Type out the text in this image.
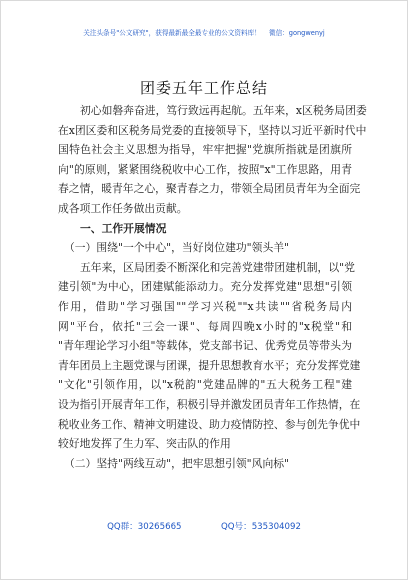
关注头条号"公文研究"，获得最新最全最专业的公文资料库！ 微信：gongwenyj
团委五年工作总结
初心如磐奔奋进，笃行致远再起航。五年来，x区税务局团委
在x团区委和区税务局党委的直接领导下，坚持以习近平新时代中
国特色社会主义思想为指导，牢牢把握"党旗所指就是团旗所
向"的原则，紧紧围绕税收中心工作，按照"x"工作思路，用青
春之情，暖青年之心，聚青春之力，带领全局团员青年为全面完
成各项工作任务做出贡献。
一、工作开展情况
（一）围绕"一个中心"，当好岗位建功"领头羊"
五年来，区局团委不断深化和完善党建带团建机制，以"党
建引领"为中心，团建赋能添动力。充分发挥党建"思想"引领
作用，借助"学习强国""学习兴税""x共读""省税务局内
网"平台，依托"三会一课"、每周四晚x小时的"x税堂"和
"青年理论学习小组"等载体，党支部书记、优秀党员等带头为
青年团员上主题党课与团课，提升思想教育水平；充分发挥党建
"文化"引领作用，以"x税韵"党建品牌的"五大税务工程"建
设为指引开展青年工作，积极引导并激发团员青年工作热情，在
税收业务工作、精神文明建设、助力疫情防控、参与创先争优中
较好地发挥了生力军、突击队的作用
（二）坚持"两线互动"，把牢思想引领"风向标"
QQ群：30265665	QQ号：535304092
